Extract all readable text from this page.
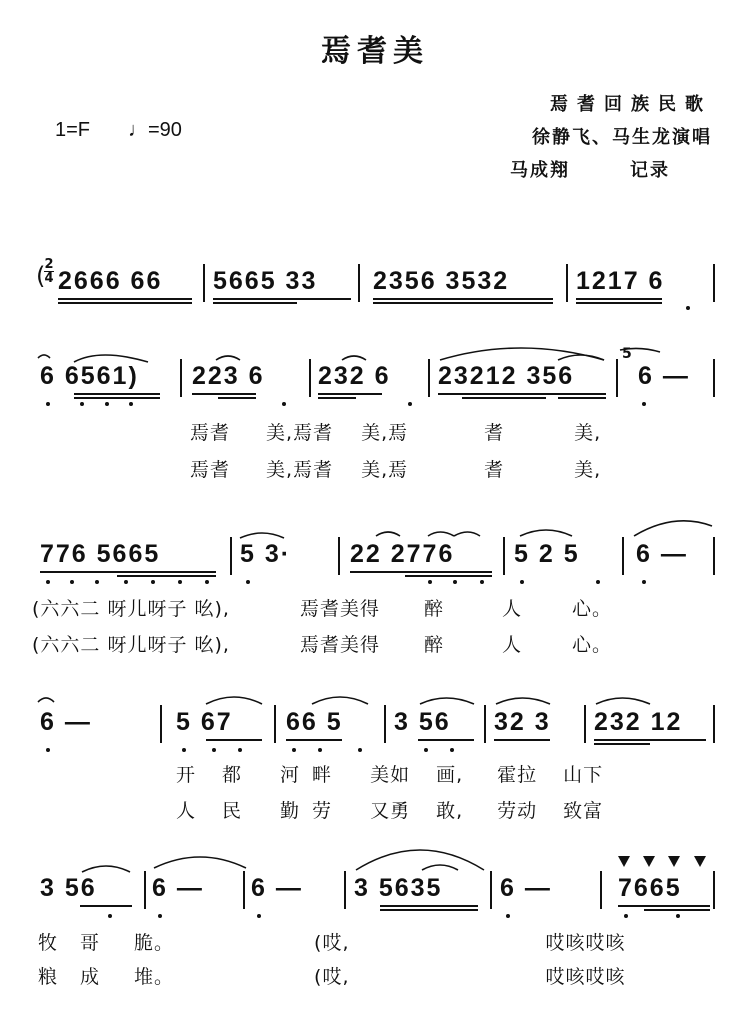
焉耆美
1=F ♩=90
焉耆回族民歌
徐静飞、马生龙演唱
马成翔	记录
2
4
( 2666 66 5665 33 2356 3532	1217 6
6 6561) 223 6 232 6 23212 356
5
6 —
焉耆 美,焉耆 美,焉	耆	美,
焉耆 美,焉耆 美,焉	耆	美,
776 5665	5 3· 22 2776 5 2 5 6 —
(六六二 呀儿呀子 吆),	焉耆美得 醉	人	心。
(六六二 呀儿呀子 吆),	焉耆美得 醉	人	心。
6 —	5 67 66 5 3 56 32 3 232 12
开 都 河 畔 美如 画, 霍拉 山下
人 民 勤 劳 又勇 敢, 劳动 致富
3 56 6 — 6 — 3 5635 6 —	7665
牧 哥 脆。	(哎,	哎咳哎咳
粮 成 堆。	(哎,	哎咳哎咳
